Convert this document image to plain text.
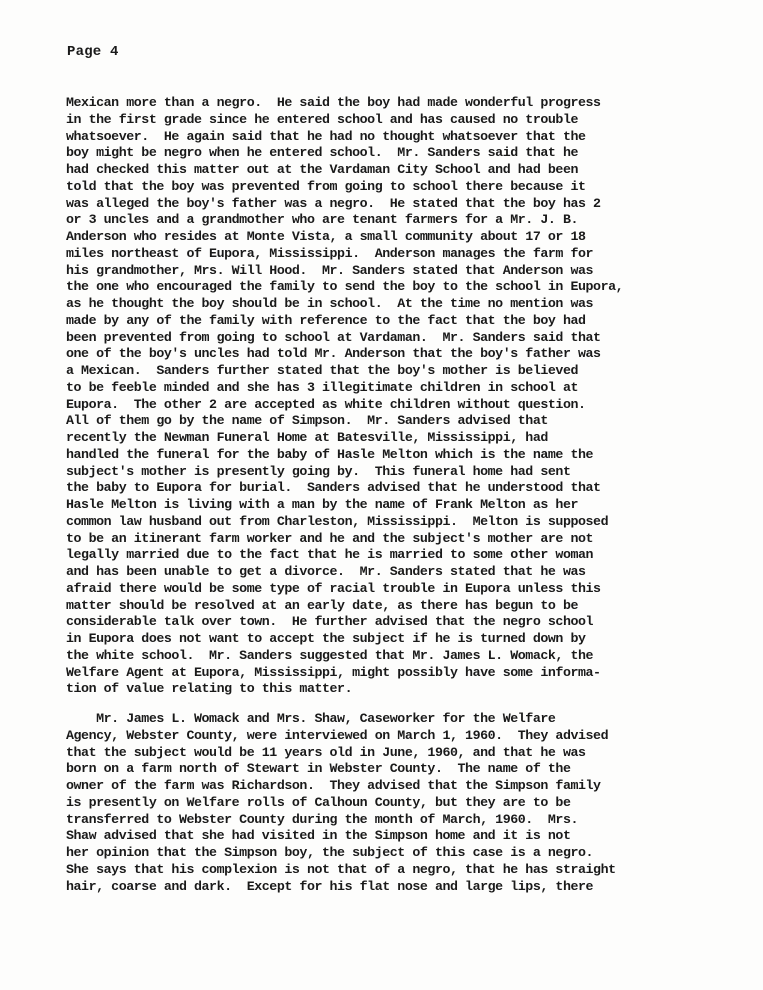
Page 4
Mexican more than a negro.  He said the boy had made wonderful progress
in the first grade since he entered school and has caused no trouble
whatsoever.  He again said that he had no thought whatsoever that the
boy might be negro when he entered school.  Mr. Sanders said that he
had checked this matter out at the Vardaman City School and had been
told that the boy was prevented from going to school there because it
was alleged the boy's father was a negro.  He stated that the boy has 2
or 3 uncles and a grandmother who are tenant farmers for a Mr. J. B.
Anderson who resides at Monte Vista, a small community about 17 or 18
miles northeast of Eupora, Mississippi.  Anderson manages the farm for
his grandmother, Mrs. Will Hood.  Mr. Sanders stated that Anderson was
the one who encouraged the family to send the boy to the school in Eupora,
as he thought the boy should be in school.  At the time no mention was
made by any of the family with reference to the fact that the boy had
been prevented from going to school at Vardaman.  Mr. Sanders said that
one of the boy's uncles had told Mr. Anderson that the boy's father was
a Mexican.  Sanders further stated that the boy's mother is believed
to be feeble minded and she has 3 illegitimate children in school at
Eupora.  The other 2 are accepted as white children without question.
All of them go by the name of Simpson.  Mr. Sanders advised that
recently the Newman Funeral Home at Batesville, Mississippi, had
handled the funeral for the baby of Hasle Melton which is the name the
subject's mother is presently going by.  This funeral home had sent
the baby to Eupora for burial.  Sanders advised that he understood that
Hasle Melton is living with a man by the name of Frank Melton as her
common law husband out from Charleston, Mississippi.  Melton is supposed
to be an itinerant farm worker and he and the subject's mother are not
legally married due to the fact that he is married to some other woman
and has been unable to get a divorce.  Mr. Sanders stated that he was
afraid there would be some type of racial trouble in Eupora unless this
matter should be resolved at an early date, as there has begun to be
considerable talk over town.  He further advised that the negro school
in Eupora does not want to accept the subject if he is turned down by
the white school.  Mr. Sanders suggested that Mr. James L. Womack, the
Welfare Agent at Eupora, Mississippi, might possibly have some informa-
tion of value relating to this matter.
Mr. James L. Womack and Mrs. Shaw, Caseworker for the Welfare
Agency, Webster County, were interviewed on March 1, 1960.  They advised
that the subject would be 11 years old in June, 1960, and that he was
born on a farm north of Stewart in Webster County.  The name of the
owner of the farm was Richardson.  They advised that the Simpson family
is presently on Welfare rolls of Calhoun County, but they are to be
transferred to Webster County during the month of March, 1960.  Mrs.
Shaw advised that she had visited in the Simpson home and it is not
her opinion that the Simpson boy, the subject of this case is a negro.
She says that his complexion is not that of a negro, that he has straight
hair, coarse and dark.  Except for his flat nose and large lips, there
